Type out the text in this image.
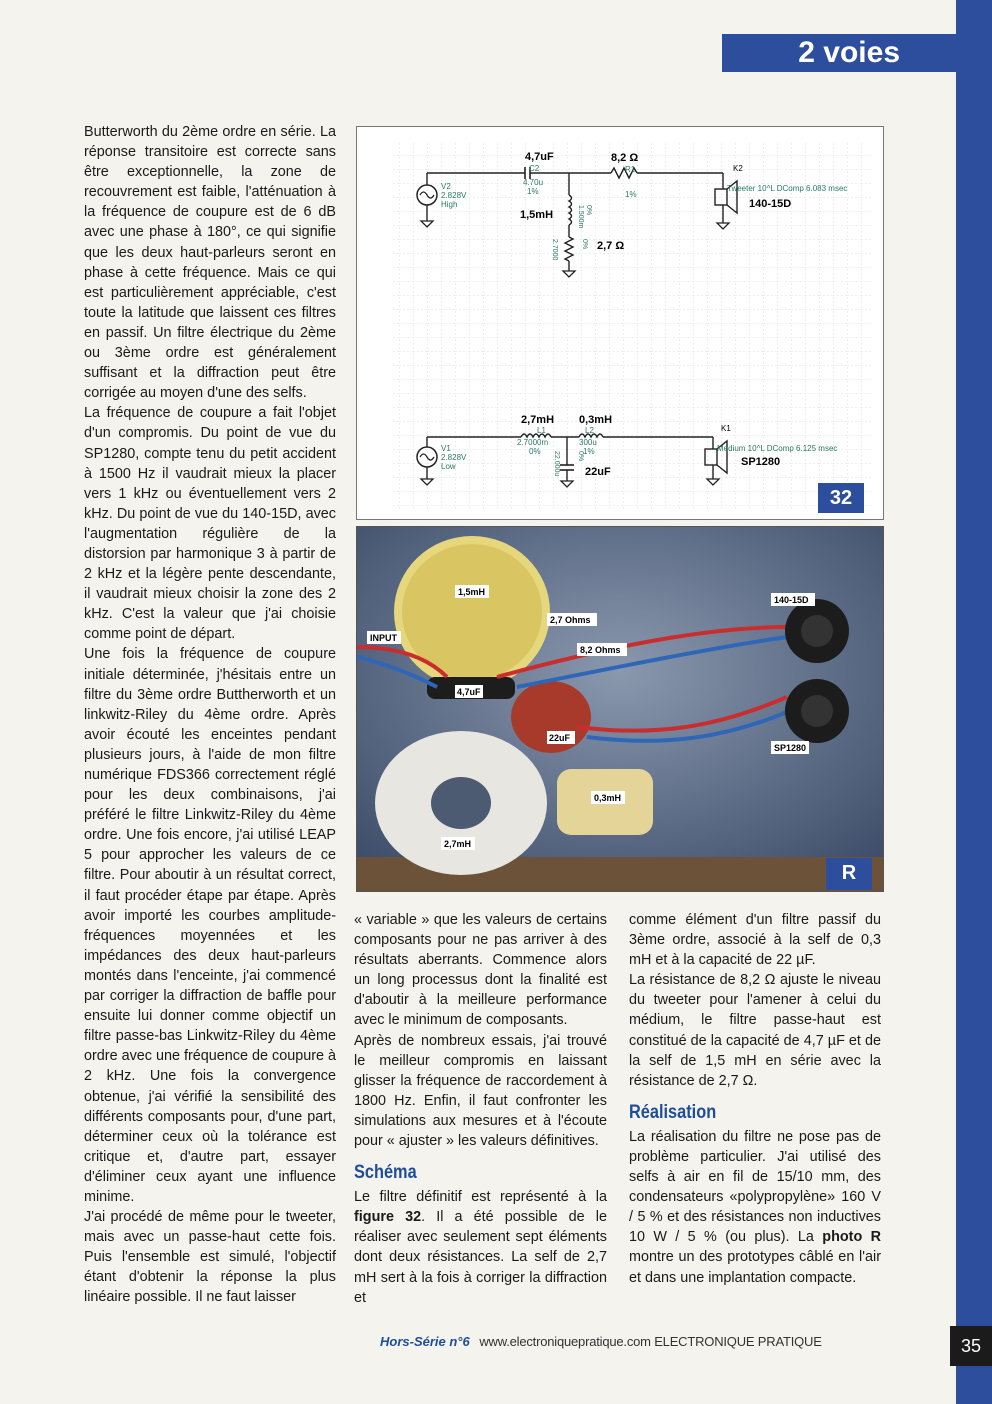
2 voies

Butterworth du 2ème ordre en série. La réponse transitoire est correcte sans être exceptionnelle, la zone de recouvrement est faible, l'atténuation à la fréquence de coupure est de 6 dB avec une phase à 180°, ce qui signifie que les deux haut-parleurs seront en phase à cette fréquence. Mais ce qui est particulièrement appréciable, c'est toute la latitude que laissent ces filtres en passif. Un filtre électrique du 2ème ou 3ème ordre est généralement suffisant et la diffraction peut être corrigée au moyen d'une des selfs.

La fréquence de coupure a fait l'objet d'un compromis. Du point de vue du SP1280, compte tenu du petit accident à 1500 Hz il vaudrait mieux la placer vers 1 kHz ou éventuellement vers 2 kHz. Du point de vue du 140-15D, avec l'augmentation régulière de la distorsion par harmonique 3 à partir de 2 kHz et la légère pente descendante, il vaudrait mieux choisir la zone des 2 kHz. C'est la valeur que j'ai choisie comme point de départ.

Une fois la fréquence de coupure initiale déterminée, j'hésitais entre un filtre du 3ème ordre Buttherworth et un linkwitz-Riley du 4ème ordre. Après avoir écouté les enceintes pendant plusieurs jours, à l'aide de mon filtre numérique FDS366 correctement réglé pour les deux combinaisons, j'ai préféré le filtre Linkwitz-Riley du 4ème ordre. Une fois encore, j'ai utilisé LEAP 5 pour approcher les valeurs de ce filtre. Pour aboutir à un résultat correct, il faut procéder étape par étape. Après avoir importé les courbes amplitude-fréquences moyennées et les impédances des deux haut-parleurs montés dans l'enceinte, j'ai commencé par corriger la diffraction de baffle pour ensuite lui donner comme objectif un filtre passe-bas Linkwitz-Riley du 4ème ordre avec une fréquence de coupure à 2 kHz. Une fois la convergence obtenue, j'ai vérifié la sensibilité des différents composants pour, d'une part, déterminer ceux où la tolérance est critique et, d'autre part, essayer d'éliminer ceux ayant une influence minime.

J'ai procédé de même pour le tweeter, mais avec un passe-haut cette fois. Puis l'ensemble est simulé, l'objectif étant d'obtenir la réponse la plus linéaire possible. Il ne faut laisser

V2
2.828V
High
4,7uF
4.70u
1%
C2
1,5mH	1.500m 0%
2,7 Ω
2.7000	0%
8,2 Ω
R1
1%
K2
Tweeter 10^L DComp 6.083 msec
140-15D
V1
2.828V
Low
2,7mH
L1
2.7000m
0%
22uF
22.000u 0%
0,3mH
L2
300u
1%
K1
Medium 10^L DComp 6.125 msec
SP1280
32
1,5mH
2,7 Ohms
8,2 Ohms
INPUT
4,7uF
22uF
0,3mH
2,7mH
140-15D
SP1280
R

« variable » que les valeurs de certains composants pour ne pas arriver à des résultats aberrants. Commence alors un long processus dont la finalité est d'aboutir à la meilleure performance avec le minimum de composants.

Après de nombreux essais, j'ai trouvé le meilleur compromis en laissant glisser la fréquence de raccordement à 1800 Hz. Enfin, il faut confronter les simulations aux mesures et à l'écoute pour « ajuster » les valeurs définitives.

Schéma

Le filtre définitif est représenté à la figure 32. Il a été possible de le réaliser avec seulement sept éléments dont deux résistances. La self de 2,7 mH sert à la fois à corriger la diffraction et

comme élément d'un filtre passif du 3ème ordre, associé à la self de 0,3 mH et à la capacité de 22 µF.

La résistance de 8,2 Ω ajuste le niveau du tweeter pour l'amener à celui du médium, le filtre passe-haut est constitué de la capacité de 4,7 µF et de la self de 1,5 mH en série avec la résistance de 2,7 Ω.

Réalisation

La réalisation du filtre ne pose pas de problème particulier. J'ai utilisé des selfs à air en fil de 15/10 mm, des condensateurs «polypropylène» 160 V / 5 % et des résistances non inductives 10 W / 5 % (ou plus). La photo R montre un des prototypes câblé en l'air et dans une implantation compacte.

Hors-Série n°6 www.electroniquepratique.com ELECTRONIQUE PRATIQUE	35
